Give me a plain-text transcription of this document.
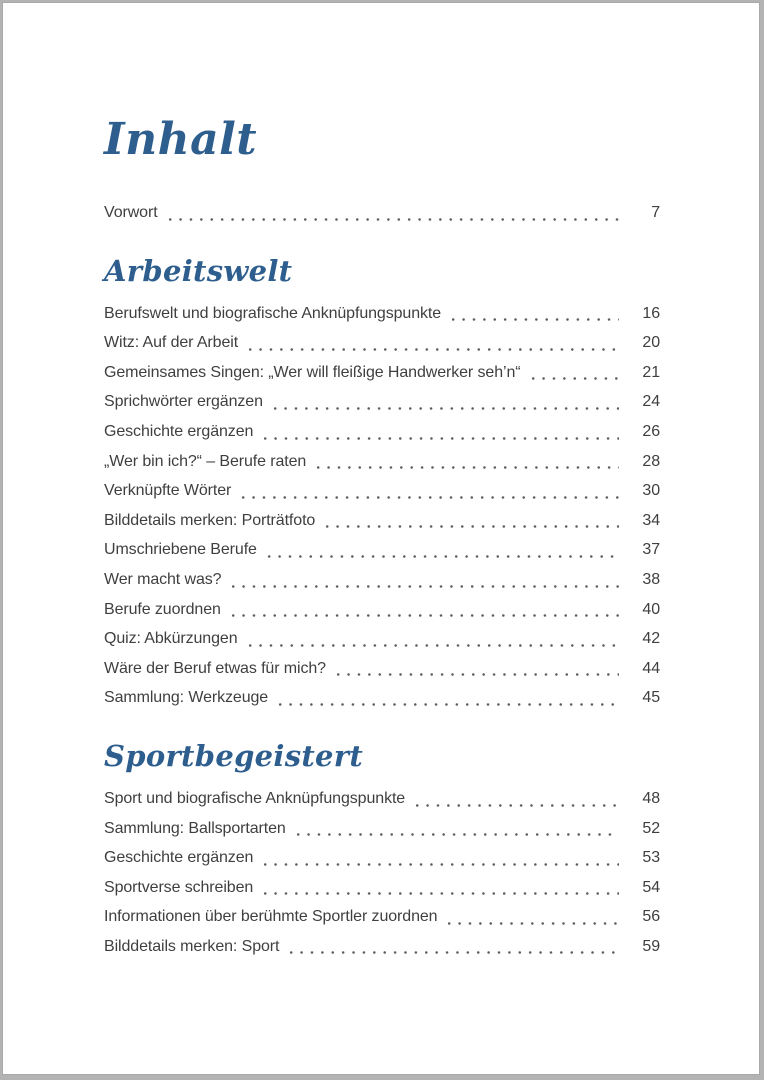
Inhalt
Vorwort	7
Arbeitswelt
Berufswelt und biografische Anknüpfungspunkte	16
Witz: Auf der Arbeit	20
Gemeinsames Singen: „Wer will fleißige Handwerker seh’n“	21
Sprichwörter ergänzen	24
Geschichte ergänzen	26
„Wer bin ich?“ – Berufe raten	28
Verknüpfte Wörter	30
Bilddetails merken: Porträtfoto	34
Umschriebene Berufe	37
Wer macht was?	38
Berufe zuordnen	40
Quiz: Abkürzungen	42
Wäre der Beruf etwas für mich?	44
Sammlung: Werkzeuge	45
Sportbegeistert
Sport und biografische Anknüpfungspunkte	48
Sammlung: Ballsportarten	52
Geschichte ergänzen	53
Sportverse schreiben	54
Informationen über berühmte Sportler zuordnen	56
Bilddetails merken: Sport	59
